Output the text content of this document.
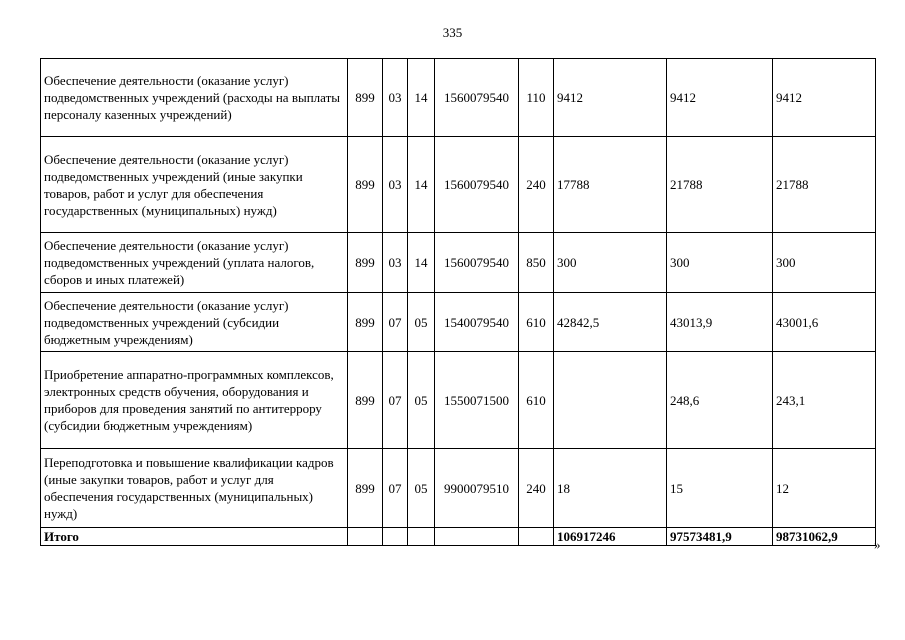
335
Обеспечение деятельности (оказание услуг) подведомственных учреждений (расходы на выплаты персоналу казенных учреждений)	899	03	14	1560079540	110	9412	9412	9412
Обеспечение деятельности (оказание услуг) подведомственных учреждений (иные закупки товаров, работ и услуг для обеспечения государственных (муниципальных) нужд)	899	03	14	1560079540	240	17788	21788	21788
Обеспечение деятельности (оказание услуг) подведомственных учреждений (уплата налогов, сборов и иных платежей)	899	03	14	1560079540	850	300	300	300
Обеспечение деятельности (оказание услуг) подведомственных учреждений (субсидии бюджетным учреждениям)	899	07	05	1540079540	610	42842,5	43013,9	43001,6
Приобретение аппаратно-программных комплексов, электронных средств обучения, оборудования и приборов для проведения занятий по антитеррору (субсидии бюджетным учреждениям)	899	07	05	1550071500	610		248,6	243,1
Переподготовка и повышение квалификации кадров (иные закупки товаров, работ и услуг для обеспечения государственных (муниципальных) нужд)	899	07	05	9900079510	240	18	15	12
Итого						106917246	97573481,9	98731062,9
»
